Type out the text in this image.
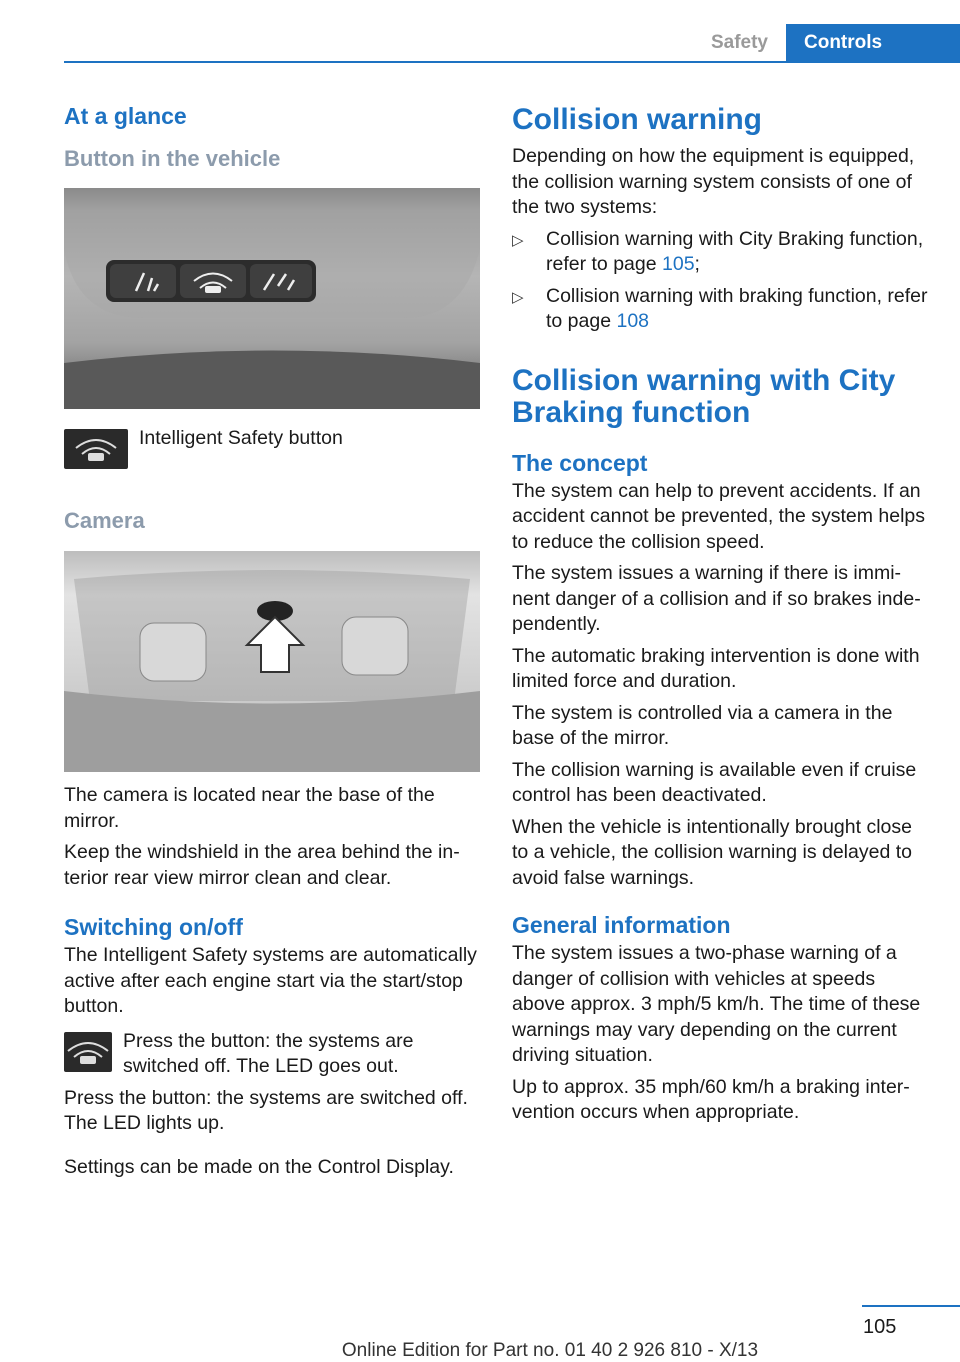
Safety	Controls
At a glance
Button in the vehicle

Intelligent Safety button

Camera

The camera is located near the base of the mirror.

Keep the windshield in the area behind the interior rear view mirror clean and clear.

Switching on/off

The Intelligent Safety systems are automatically active after each engine start via the start/stop button.

Press the button: the systems are switched off. The LED goes out.

Press the button: the systems are switched off. The LED lights up.

Settings can be made on the Control Display.

Collision warning

Depending on how the equipment is equipped, the collision warning system consists of one of the two systems:

▷	Collision warning with City Braking function, refer to page 105;

▷	Collision warning with braking function, refer to page 108

Collision warning with City Braking function
The concept

The system can help to prevent accidents. If an accident cannot be prevented, the system helps to reduce the collision speed.

The system issues a warning if there is imminent danger of a collision and if so brakes independently.

The automatic braking intervention is done with limited force and duration.

The system is controlled via a camera in the base of the mirror.

The collision warning is available even if cruise control has been deactivated.

When the vehicle is intentionally brought close to a vehicle, the collision warning is delayed to avoid false warnings.

General information

The system issues a two-phase warning of a danger of collision with vehicles at speeds above approx. 3 mph/5 km/h. The time of these warnings may vary depending on the current driving situation.

Up to approx. 35 mph/60 km/h a braking intervention occurs when appropriate.

105
Online Edition for Part no. 01 40 2 926 810 - X/13
